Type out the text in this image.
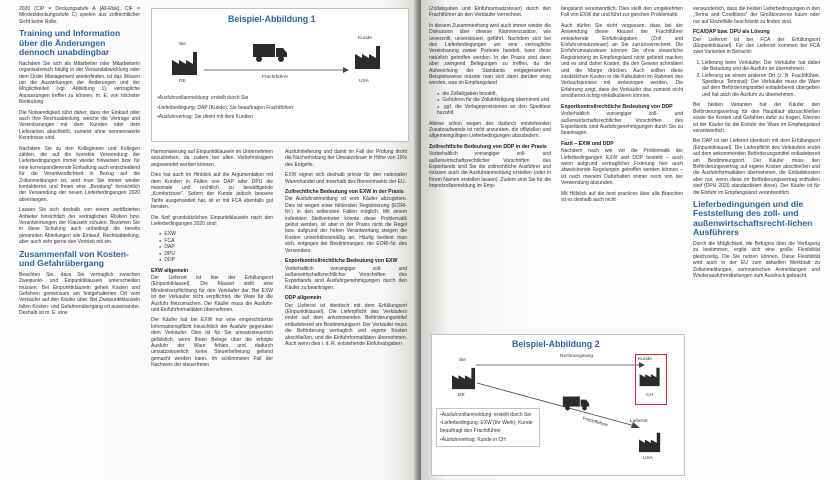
2020 (CIP = Deckungsstufe A [All-Risk], CIF = Mindestdeckungsstufe C) spielen aus zollrechtlicher Sicht keine Rolle.

Training und Information über die Änderungen dennoch unabdingbar

Nachdem Sie sich als Mitarbeiter oder Mitarbeiterin organisatorisch häufig in der Versandabwicklung oder dem Order Management wiederfinden, ist das Wissen um die Auswirkungen der Änderungen und der Möglichkeiten (vgl. Abbildung 1), vertragliche Anpassungen treffen zu können, m. E. von höchster Bedeutung.

Die Notwendigkeit rührt daher, dass der Einkauf oder auch Ihre Rechtsabteilung, welche die Verträge und Vereinbarungen mit dem Kunden oder dem Lieferanten abschließt, zumeist ohne nennenswerte Kenntnisse sind.

Nachdem Sie zu den Kolleginnen und Kollegen zählen, die auf die korrekte Verwendung der Lieferbedingungen immer wieder hinweisen bzw. für eine korrespondierende Einhaltung auch entscheidend für die Verantwortlichkeit in Bezug auf die Zollanmeldungen ist, wird man Sie immer wieder kontaktieren und Ihnen eine „Beratung“ hinsichtlich der Verwendung der neuen Lieferbedingungen 2020 abverlangen.

Lassen Sie sich deshalb von einem zertifizierten Anbieter hinsichtlich der vertraglichen Risiken bzw. Verantwortungen der Klauseln schulen. Beziehen Sie in diese Schulung auch unbedingt die bereits genannten Abteilungen wie Einkauf, Rechtsabteilung, aber auch sehr gerne den Vertrieb mit ein.

Zusammenfall von Kosten- und Gefahrübergang

Beachten Sie, dass Sie vertraglich zwischen Zweipunkt- und Einpunktklauseln unterscheiden müssen. Bei Einpunktklauseln gehen Kosten und Gefahren gemeinsam am festgehaltenen Ort vom Verkäufer auf den Käufer über. Bei Zweipunktklauseln fallen Kosten- und Gefahrenübergang ort auseinander. Deshalb ist m. E. eine

Beispiel-Abbildung 1
Sie
Kunde
DE
Frachtführer
USA
• Ausfuhrzollanmeldung: erstellt durch Sie
• Lieferbedingung: DAP (Kunde); Sie beauftragen Frachtführer
• Ausfuhrvertrag: Sie direkt mit dem Kunden

Harmonisierung auf Einpunktklauseln im Unternehmen anzustreben, da zudem bei allen Verkehrsträgern angewendet werden können.

Dies hat auch im Hinblick auf die Argumentation mit dem Kunden in Fällen von DAP oder DPU die maximale und rechtlich zu bewältigende „Komfortzone“. Sofern der Kunde jedoch bessere Tarife ausgehandelt hat, ist er mit FCA ebenfalls gut beraten.

Die fünf grundsätzlichen Einpunktklauseln nach den Lieferbedingungen 2020 sind:

● EXW
● FCA
● DAP
● DPU
● DDP
EXW allgemein

Der Lieferort ist hier der Erfüllungsort (Einpunktklausel). Die Klausel stellt eine Mindestverpflichtung für den Verkäufer dar. Bei EXW ist der Verkäufer nicht verpflichtet, die Ware für die Ausfuhr freizumachen. Der Käufer muss die Ausfuhr- und Einfuhrformalitäten übernehmen.

Der Käufer hat bei EXW nur eine eingeschränkte Informationspflicht hinsichtlich der Ausfuhr gegenüber dem Verkäufer. Dies ist für Sie umsatzsteuerlich gefährlich, wenn Ihnen Belege über die erfolgte Ausfuhr der Ware fehlen und dadurch umsatzsteuerlich keine Steuerbefreiung geltend gemacht werden kann. Im schlimmsten Fall der Nachweis der steuerfreien

Ausfuhrlieferung und damit im Fall der Prüfung droht die Nacherhebung der Umsatzsteuer in Höhe von 19% des Entgelts.

EXW eignet sich deshalb primär für den nationalen Warenhandel und innerhalb des Binnenmarkts der EU.

Zollrechtliche Bedeutung von EXW in der Praxis

Die Ausfuhranmeldung ist vom Käufer abzugeben. Dies ist wegen einer fehlenden Registrierung (EORI-Nr.) in den seltensten Fällen möglich. Mit einem indirekten Stellvertreter könnte diese Problematik gelöst werden, ist aber in der Praxis nicht die Regel bzw. aufgrund der hohen Verantwortung steigen die Kosten unverhältnismäßig an. Häufig bedient man sich, entgegen der Bestimmungen, der EORI-Nr. des Versenders.

Exportkontrollrechtliche Bedeutung von EXW

Vorbehaltlich vorrangiger zoll- und außenwirtschaftsrechtlicher Vorschriften des Exportlands sind Ausfuhrgenehmigungen durch den Käufer zu beantragen.

DDP allgemein

Der Lieferort ist identisch mit dem Erfüllungsort (Einpunktklausel). Die Lieferpflicht des Verkäufers endet auf dem ankommenden Beförderungsmittel entladebereit am Bestimmungsort. Der Verkäufer muss die Beförderung vertraglich und eigene Kosten abschließen, und die Einfuhrformalitäten übernehmen. Auch wenn dies i. d. R. entstehende Einfuhrabgaben

(Zollabgaben und Einfuhrumsatzsteuer) durch den Frachtführer an den Verkäufer verrechnet.

In diesem Zusammenhang wird auch immer wieder die Diskussion über diverse Klammerzusätze, wie unverzollt, unversteuert, geführt. Nachdem sich bei den Lieferbedingungen um eine vertragliche Vereinbarung zweier Parteien handelt, kann diese natürlich getroffen werden. In der Praxis sind dann aber zwingend Belegungen zu treffen, da die Aufweichung der Standards entgegenstehen. Beispielsweise müsste man sich dann darüber einig werden, was im Empfangsland

● die Zollabgaben bezahlt,
● Gebühren für die Zollabfertigung übernimmt und
● ggf. die Vorlageprovisionen an den Spediteur bezahlt.

Alleine schon wegen des dadurch entstehenden Zusatzaufwands ist nicht anzuraten, die offiziellen und allgemeingültigen Lieferbedingungen abzuändern.

Zollrechtliche Bedeutung von DDP in der Praxis

Vorbehaltlich vorrangiger zoll- und außenwirtschaftsrechtlicher Vorschriften des Exportlands sind Sie die zollrechtliche Ausführer und müssen auch die Ausfuhranmeldung erstellen (oder in Ihrem Namen erstellen lassen). Zudem sind Sie für die Importzollanmeldung im Emp-

fangsland verantwortlich. Dies stellt den umgekehrten Fall von EXW dar und führt zur gleichen Problematik.

Auch dürfen Sie nicht vergessen, dass bei der Anwendung dieser Klausel der Frachtführer entstehende Einfuhrabgaben (Zoll und Einfuhrumsatzsteuer) an Sie zurückverrechnet. Die Einfuhrumsatzsteuer können Sie ohne steuerliche Registrierung im Empfangsland nicht geltend machen und es sind daher Kosten, die den Gewinn schmälern und die Marge drücken. Auch sollten diese zusätzlichen Kosten in die Kalkulation im Rahmen des Verkaufspreises mit einbezogen werden. Die Erfahrung zeigt, dass die Verkäufer das zumeist nicht annähernd richtig einkalkulieren können.

Exportkontrollrechtliche Bedeutung von DDP

Vorbehaltlich vorrangiger zoll- und außenwirtschaftsrechtlicher Vorschriften des Exportlands sind Ausfuhrgenehmigungen durch Sie zu beantragen.

Fazit – EXW und DDP

Nachdem nach wie vor die Problematik der Lieferbedingungen EXW und DDP besteht – auch wenn aufgrund vertraglicher Fixierung hier auch abweichende Regelungen getroffen werden können – ist nach meinem Dafürhalten immer noch von der Verwendung abzuraten.

Mit Hilfslick auf die best practices über alle Branchen ist es deshalb auch nicht

Beispiel-Abbildung 2
Rechnungsweg
Sie
DE
Kunde
CH
Frachtführer	Lieferort
USA
• Ausfuhrzollanmeldung: erstellt durch Sie
• Lieferbedingung: EXW (Ihr Werk); Kunde beauftragt den Frachtführer
• Ausfuhrvertrag: Kunde in CH

verwunderlich, dass die beiden Lieferbedingungen in den „Terms and Conditions“ der Großkonzerne kaum oder nur auf Einzelfälle beschränkt zu finden sind.

FCA/DAP bzw. DPU als Lösung

Der Lieferort ist bei FCA der Erfüllungsort (Einpunktklausel). Für den Lieferort kommen bei FCA zwei Varianten in Betracht:

1. Lieferung beim Verkäufer: Der Verkäufer hat dabei die Beladung und die Ausfuhr an übernehmen.
2. Lieferung an einem anderen Ort (z. B. Frachtführer, Spediteur, Terminal): Der Verkäufer muss die Ware auf dem Beförderungsmittel entladebereit übergeben und hat auch die Ausfuhr zu übernehmen.

Bei beiden Varianten hat der Käufer den Beförderungsvertrag für den Hauptlauf abzuschließen sowie die Kosten und Gefahren dafür zu tragen. Ebenso ist der Käufer für die Einfuhr der Ware im Empfangsland verantwortlich.

Bei DAP ist der Lieferort identisch mit dem Erfüllungsort (Einpunktklausel). Die Lieferpflicht des Verkäufers endet auf dem ankommenden Beförderungsmittel entladebereit am Bestimmungsort. Der Käufer muss den Beförderungsvertrag auf eigene Kosten abschließen und die Ausfuhrformalitäten übernehmen, die Entladekosten aber nur, wenn diese im Beförderungsvertrag enthalten sind (DPU 2020 standardisiert diese). Der Käufer ist für die Einfuhr im Empfangsland verantwortlich.

Lieferbedingungen und die Feststellung des zoll- und außenwirtschaftsrecht-lichen Ausführers

Durch die Möglichkeit, die Befugnis über die Verfügung zu bestimmen, ergibt sich eine große Flexibilität gleichzeitig. Die Sie nutzen können. Diese Flexibilität wird auch in der EU zum aktuellen Merkblatt zu Zollanmeldungen, summarischen Anmeldungen und Wiederausfuhrmitteilungen zum Ausdruck gebracht.
